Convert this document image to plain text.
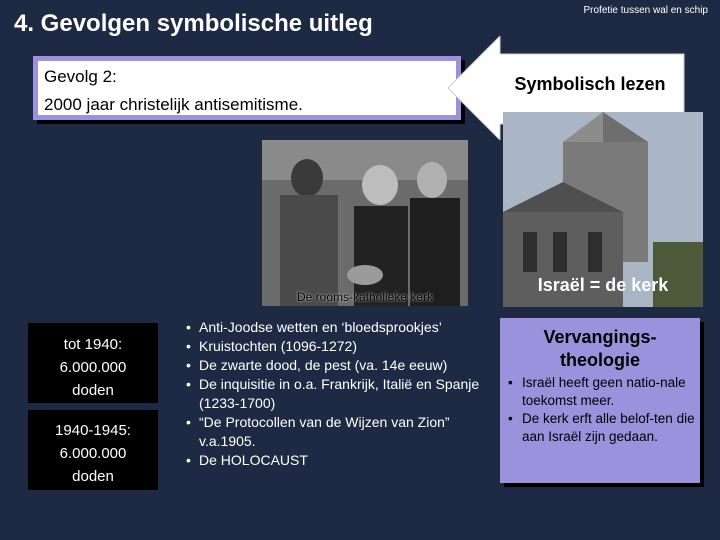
4. Gevolgen symbolische uitleg	Profetie tussen wal en schip
Gevolg 2:
2000 jaar christelijk antisemitisme.
Symbolisch lezen
De rooms-katholieke kerk
Israël = de kerk
tot 1940:
6.000.000
doden
1940-1945:
6.000.000
doden
• Anti-Joodse wetten en ‘bloedsprookjes’
• Kruistochten (1096-1272)
• De zwarte dood, de pest (va. 14e eeuw)
• De inquisitie in o.a. Frankrijk, Italië en Spanje (1233-1700)
• “De Protocollen van de Wijzen van Zion” v.a.1905.
• De HOLOCAUST
Vervangings-
theologie
• Israël heeft geen natio-nale toekomst meer.
• De kerk erft alle belof-ten die aan Israël zijn gedaan.
